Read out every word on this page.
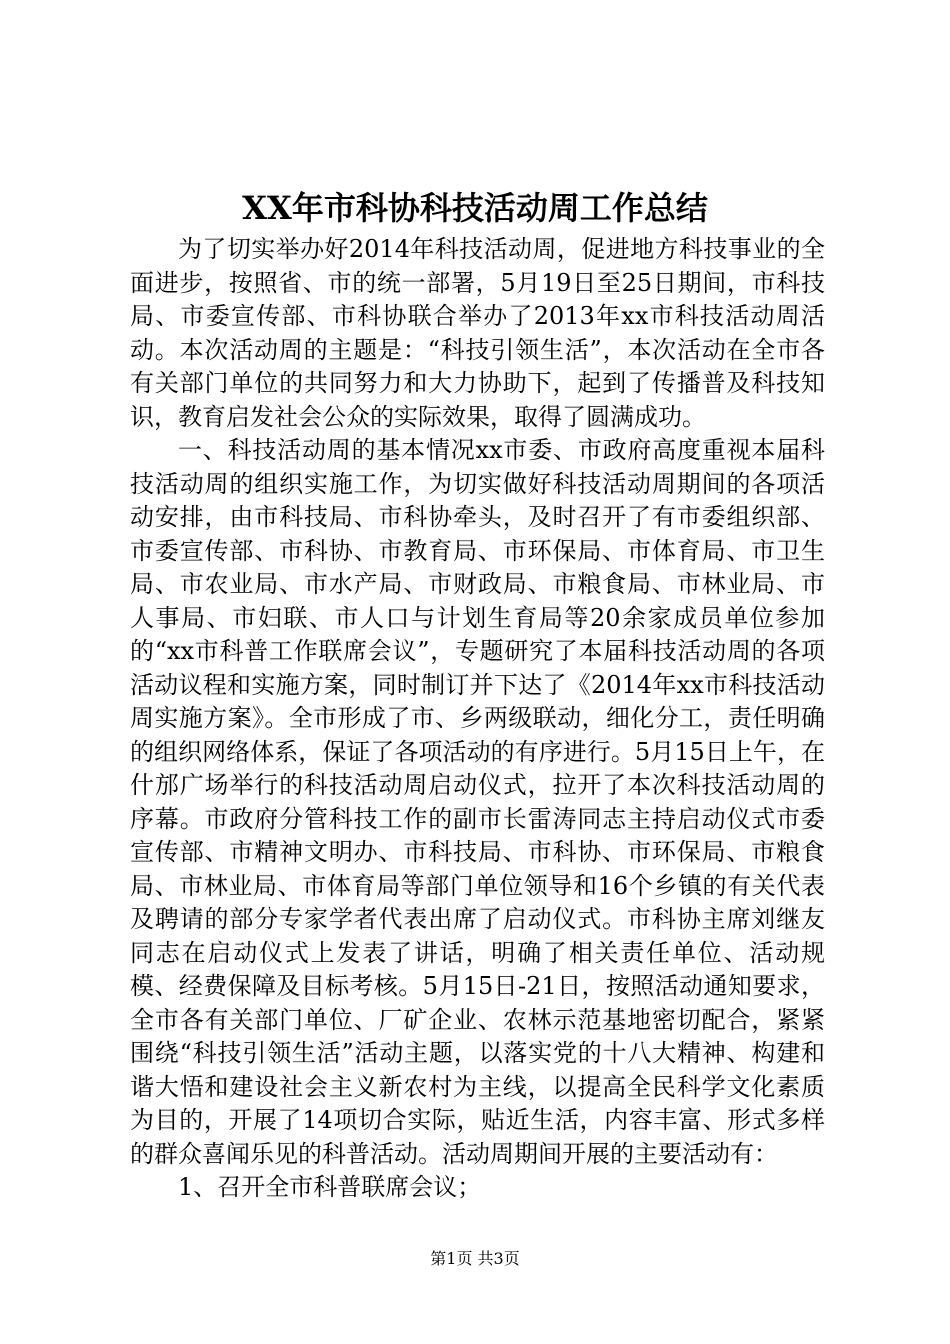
XX年市科协科技活动周工作总结

为了切实举办好2014年科技活动周，促进地方科技事业的全面进步，按照省、市的统一部署，5月19日至25日期间，市科技局、市委宣传部、市科协联合举办了2013年xx市科技活动周活动。本次活动周的主题是：“科技引领生活”，本次活动在全市各有关部门单位的共同努力和大力协助下，起到了传播普及科技知识，教育启发社会公众的实际效果，取得了圆满成功。

一、科技活动周的基本情况xx市委、市政府高度重视本届科技活动周的组织实施工作，为切实做好科技活动周期间的各项活动安排，由市科技局、市科协牵头，及时召开了有市委组织部、市委宣传部、市科协、市教育局、市环保局、市体育局、市卫生局、市农业局、市水产局、市财政局、市粮食局、市林业局、市人事局、市妇联、市人口与计划生育局等20余家成员单位参加的“xx市科普工作联席会议”，专题研究了本届科技活动周的各项活动议程和实施方案，同时制订并下达了《2014年xx市科技活动周实施方案》。全市形成了市、乡两级联动，细化分工，责任明确的组织网络体系，保证了各项活动的有序进行。5月15日上午，在什邡广场举行的科技活动周启动仪式，拉开了本次科技活动周的序幕。市政府分管科技工作的副市长雷涛同志主持启动仪式市委宣传部、市精神文明办、市科技局、市科协、市环保局、市粮食局、市林业局、市体育局等部门单位领导和16个乡镇的有关代表及聘请的部分专家学者代表出席了启动仪式。市科协主席刘继友同志在启动仪式上发表了讲话，明确了相关责任单位、活动规模、经费保障及目标考核。5月15日-21日，按照活动通知要求，全市各有关部门单位、厂矿企业、农林示范基地密切配合，紧紧围绕“科技引领生活”活动主题，以落实党的十八大精神、构建和谐大悟和建设社会主义新农村为主线，以提高全民科学文化素质为目的，开展了14项切合实际，贴近生活，内容丰富、形式多样的群众喜闻乐见的科普活动。活动周期间开展的主要活动有：

1、召开全市科普联席会议；

第1页 共3页
